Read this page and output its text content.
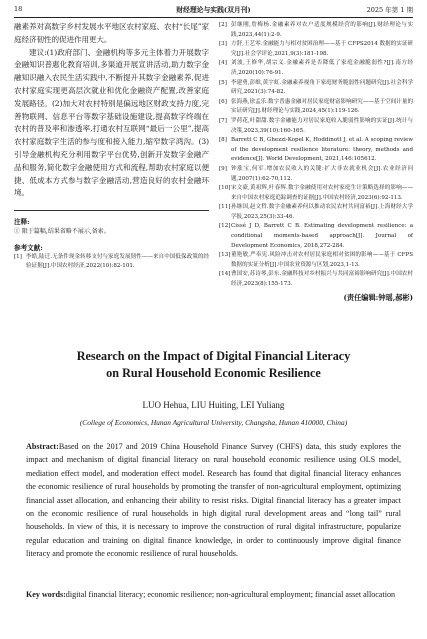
18	财经理论与实践(双月刊)	2025 年第 1 期

融素养对高数字乡村发展水平地区农村家庭、农村“长尾”家庭经济韧性的促进作用更大。

建议:(1)政府部门、金融机构等多元主体着力开展数字金融知识普惠化教育培训,多渠道开展宣讲活动,助力数字金融知识融入农民生活实践中,不断提升其数字金融素养,促进农村家庭实现更高层次就业和优化金融资产配置,改善家庭发展路径。(2)加大对农村特别是偏远地区财政支持力度,完善物联网、信息平台等数字基础设施建设,提高数字终端在农村的普及率和渗透率,打通农村互联网“最后一公里”,提高农村家庭数字生活的参与度和接入能力,缩窄数字鸿沟。(3)引导金融机构充分利用数字平台优势,创新开发数字金融产品和服务,简化数字金融使用方式和流程,帮助农村家庭以便捷、低成本方式参与数字金融活动,营造良好的农村金融环境。

注释:
① 限于篇幅,结果省略不展示,备索。
参考文献:
[1] 李皓,陆迁.无条件现金转移支付与家庭发展韧性——来自中国低保政策的经验证据[J].中国农村经济,2022(10):82-101.
[2] 彭继刚,詹梅杨.金融素养对农户适度规模经营的影响[J].财经理论与实践,2023,44(1):2-9.
[3] 方舒,王艺零.金融能力与相对贫困治理——基于 CFPS2014 数据的实证研究[J].社会学评论,2021,9(3):181-198.
[4] 刘波,王修华,胡宗义.金融素养是否降低了家庭金融脆弱性?[J].南方经济,2020(10):76-91.
[5] 李建勇,彭维,黄宇虹.金融素养视角下家庭财务脆弱性问题研究[J].社会科学研究,2021(3):74-82.
[6] 张海燕,徐孟乐.数字普惠金融对居民家庭财富影响研究——基于空间计量的实证研究[J].财经理论与实践,2024,45(1):119-126.
[7] 罗荷花,叶甜甜.数字金融能力对居民家庭收入脆弱性影响的实证[J].统计与决策,2023,39(10):160-165.
[8] Barrett C B, Ghezzi-Kopel K, Hoddinott J, et al. A scoping review of the development resilience literature: theory, methods and evidence[J]. World Development, 2021,146:105612.
[9] 钟涨宝,何军.增加农民收入的关键:扩大非农就业机会[J].农业经济问题,2007(1):62-70,112.
[10] 宋文豪,黄祖辉,叶春辉.数字金融使用对农村家庭生计策略选择的影响——来自中国农村家庭追踪调查的证据[J].中国农村经济,2023(6):92-113.
[11] 孙继国,赵文哲.数字金融素养何以推动农民农村共同富裕[J].上海财经大学学报,2023,25(3):33-46.
[12] Cissé J D, Barrett C B. Estimating development resilience: a conditional moments-based approach[J]. Journal of Development Economics, 2018,272-284.
[13] 董艳敏,严奉宪.风险冲击对农村居民家庭相对贫困的影响——基于 CFPS 数据的实证分析[J].中国农业资源与区划,2023,1-13.
[14] 曹国安,苏诗琴,彭东.金融科技对乡村振兴与共同富裕影响研究[J].中国农村经济,2023(8):155-173.
(责任编辑:钟瑶,郝彬)
Research on the Impact of Digital Financial Literacy
on Rural Household Economic Resilience
LUO Hehua, LIU Huiting, LEI Yuliang
(College of Economics, Hunan Agricultural University, Changsha, Hunan 410000, China)
Abstract:Based on the 2017 and 2019 China Household Finance Survey (CHFS) data, this study explores the impact and mechanism of digital financial literacy on rural household economic resilience using OLS model, mediation effect model, and moderation effect model. Research has found that digital financial literacy enhances the economic resilience of rural households by promoting the transfer of non-agricultural employment, optimizing financial asset allocation, and enhancing their ability to resist risks. Digital financial literacy has a greater impact on the economic resilience of rural households in high digital rural development areas and “long tail” rural households. In view of this, it is necessary to improve the construction of rural digital infrastructure, popularize regular education and training on digital finance knowledge, in order to continuously improve digital finance literacy and promote the economic resilience of rural households.
Key words:digital financial literacy; economic resilience; non-agricultural employment; financial asset allocation
